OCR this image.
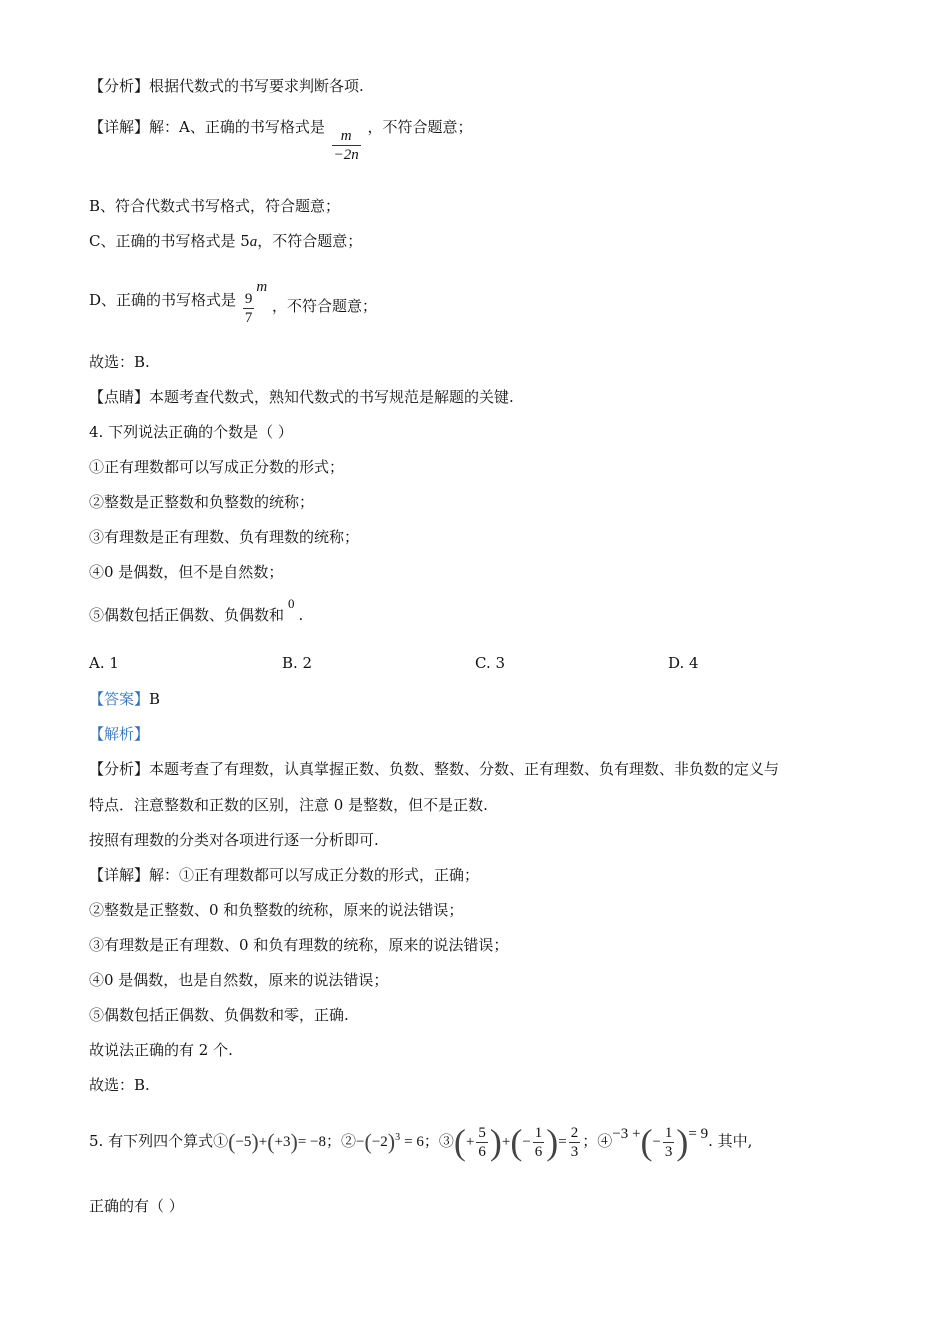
【分析】根据代数式的书写要求判断各项.
【详解】解：A、正确的书写格式是 $\frac{m}{-2n}$ ，不符合题意；
B、符合代数式书写格式，符合题意；
C、正确的书写格式是 5a，不符合题意；
D、正确的书写格式是 $\frac{9}{7}$
m ，不符合题意；
故选：B.
【点睛】本题考查代数式，熟知代数式的书写规范是解题的关键.
4. 下列说法正确的个数是（ ）
①正有理数都可以写成正分数的形式；
②整数是正整数和负整数的统称；
③有理数是正有理数、负有理数的统称；
④0 是偶数，但不是自然数；
⑤偶数包括正偶数、负偶数和0.
A. 1	B. 2	C. 3	D. 4
【答案】B
【解析】
【分析】本题考查了有理数，认真掌握正数、负数、整数、分数、正有理数、负有理数、非负数的定义与
特点．注意整数和正数的区别，注意 0 是整数，但不是正数.
按照有理数的分类对各项进行逐一分析即可.
【详解】解：①正有理数都可以写成正分数的形式，正确；
②整数是正整数、0 和负整数的统称，原来的说法错误；
③有理数是正有理数、0 和负有理数的统称，原来的说法错误；
④0 是偶数，也是自然数，原来的说法错误；
⑤偶数包括正偶数、负偶数和零，正确.
故说法正确的有 2 个.
故选：B.
5. 有下列四个算式①(−5)+(+3)= −8；$②-(-2)^3 = 6$；③(+ $\frac{5}{6}$ )+(− $\frac{1}{6}$ )= $\frac{2}{3}$ ；④−3 +(− $\frac{1}{3}$ )= 9. 其中,
正确的有（ ）
